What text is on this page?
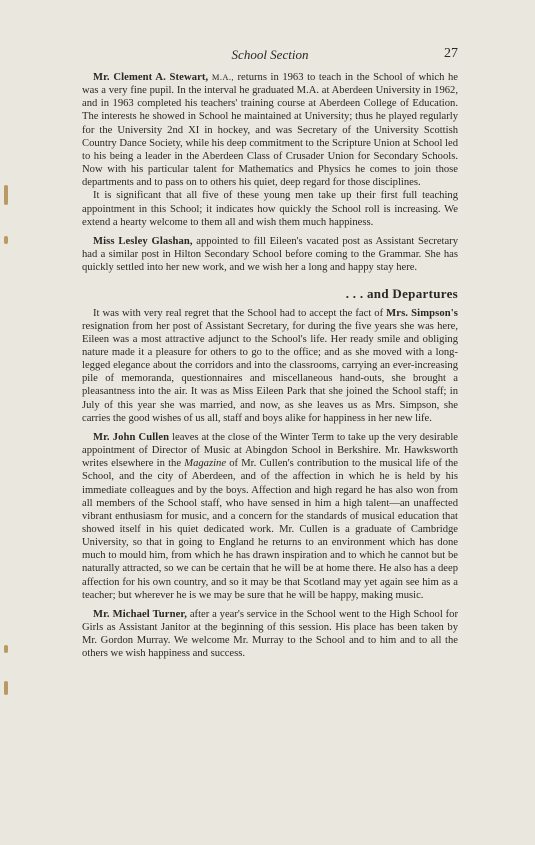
School Section	27

Mr. Clement A. Stewart, M.A., returns in 1963 to teach in the School of which he was a very fine pupil. In the interval he graduated M.A. at Aberdeen University in 1962, and in 1963 completed his teachers' training course at Aberdeen College of Education. The interests he showed in School he maintained at University; thus he played regularly for the University 2nd XI in hockey, and was Secretary of the University Scottish Country Dance Society, while his deep commitment to the Scripture Union at School led to his being a leader in the Aberdeen Class of Crusader Union for Secondary Schools. Now with his particular talent for Mathematics and Physics he comes to join those departments and to pass on to others his quiet, deep regard for those disciplines.

It is significant that all five of these young men take up their first full teaching appointment in this School; it indicates how quickly the School roll is increasing. We extend a hearty welcome to them all and wish them much happiness.

Miss Lesley Glashan, appointed to fill Eileen's vacated post as Assistant Secretary had a similar post in Hilton Secondary School before coming to the Grammar. She has quickly settled into her new work, and we wish her a long and happy stay here.

. . . and Departures

It was with very real regret that the School had to accept the fact of Mrs. Simpson's resignation from her post of Assistant Secretary, for during the five years she was here, Eileen was a most attractive adjunct to the School's life. Her ready smile and obliging nature made it a pleasure for others to go to the office; and as she moved with a long-legged elegance about the corridors and into the classrooms, carrying an ever-increasing pile of memoranda, questionnaires and miscellaneous hand-outs, she brought a pleasantness into the air. It was as Miss Eileen Park that she joined the School staff; in July of this year she was married, and now, as she leaves us as Mrs. Simpson, she carries the good wishes of us all, staff and boys alike for happiness in her new life.

Mr. John Cullen leaves at the close of the Winter Term to take up the very desirable appointment of Director of Music at Abingdon School in Berkshire. Mr. Hawksworth writes elsewhere in the Magazine of Mr. Cullen's contribution to the musical life of the School, and the city of Aberdeen, and of the affection in which he is held by his immediate colleagues and by the boys. Affection and high regard he has also won from all members of the School staff, who have sensed in him a high talent—an unaffected vibrant enthusiasm for music, and a concern for the standards of musical education that showed itself in his quiet dedicated work. Mr. Cullen is a graduate of Cambridge University, so that in going to England he returns to an environment which has done much to mould him, from which he has drawn inspiration and to which he cannot but be naturally attracted, so we can be certain that he will be at home there. He also has a deep affection for his own country, and so it may be that Scotland may yet again see him as a teacher; but wherever he is we may be sure that he will be happy, making music.

Mr. Michael Turner, after a year's service in the School went to the High School for Girls as Assistant Janitor at the beginning of this session. His place has been taken by Mr. Gordon Murray. We welcome Mr. Murray to the School and to him and to all the others we wish happiness and success.
